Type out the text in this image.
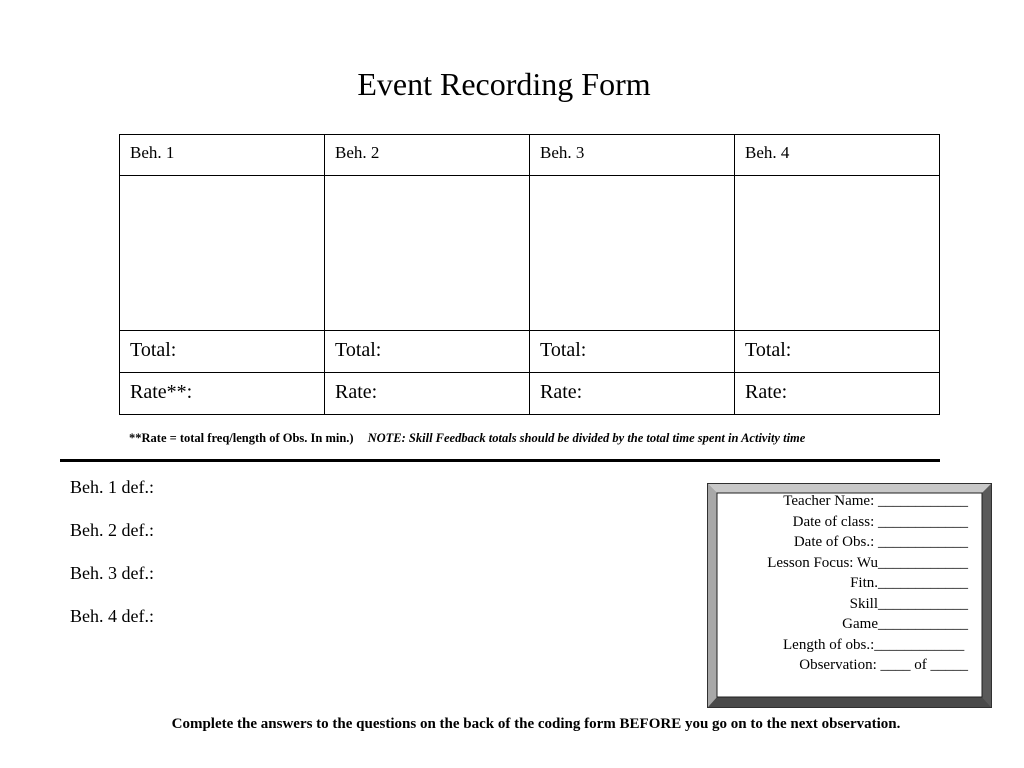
Event Recording Form
Beh. 1	Beh. 2	Beh. 3	Beh. 4

Total:	Total:	Total:	Total:
Rate**:	Rate:	Rate:	Rate:
**Rate = total freq/length of Obs. In min.) NOTE: Skill Feedback totals should be divided by the total time spent in Activity time
Beh. 1 def.:
Beh. 2 def.:
Beh. 3 def.:
Beh. 4 def.:
Teacher Name: ____________
Date of class: ____________
Date of Obs.: ____________
Lesson Focus: Wu____________
Fitn.____________
Skill____________
Game____________
Length of obs.:____________
Observation: ____ of _____
Complete the answers to the questions on the back of the coding form BEFORE you go on to the next observation.
